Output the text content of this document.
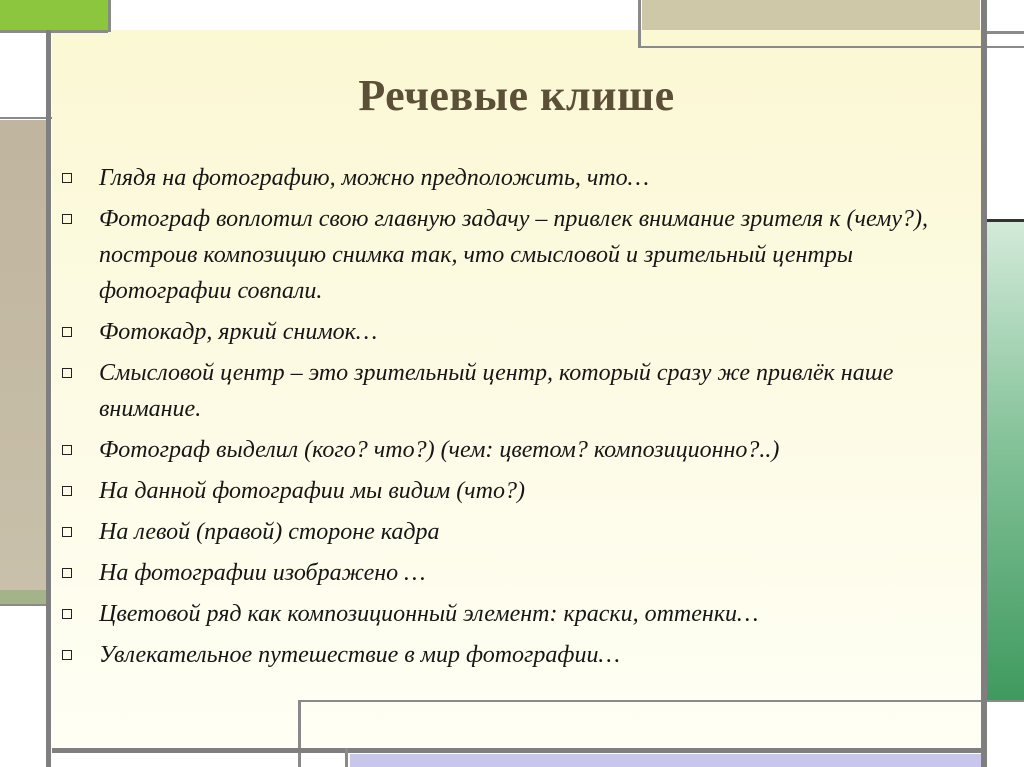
Речевые клише
Глядя на фотографию, можно предположить, что…
Фотограф воплотил свою главную задачу – привлек внимание зрителя к (чему?), построив композицию снимка так, что смысловой и зрительный центры фотографии совпали.
Фотокадр, яркий снимок…
Смысловой центр – это зрительный центр, который сразу же привлёк наше внимание.
Фотограф выделил (кого? что?) (чем: цветом? композиционно?..)
На данной фотографии мы видим (что?)
На левой (правой) стороне кадра
На фотографии изображено …
Цветовой ряд как композиционный элемент: краски, оттенки…
Увлекательное путешествие в мир фотографии…
